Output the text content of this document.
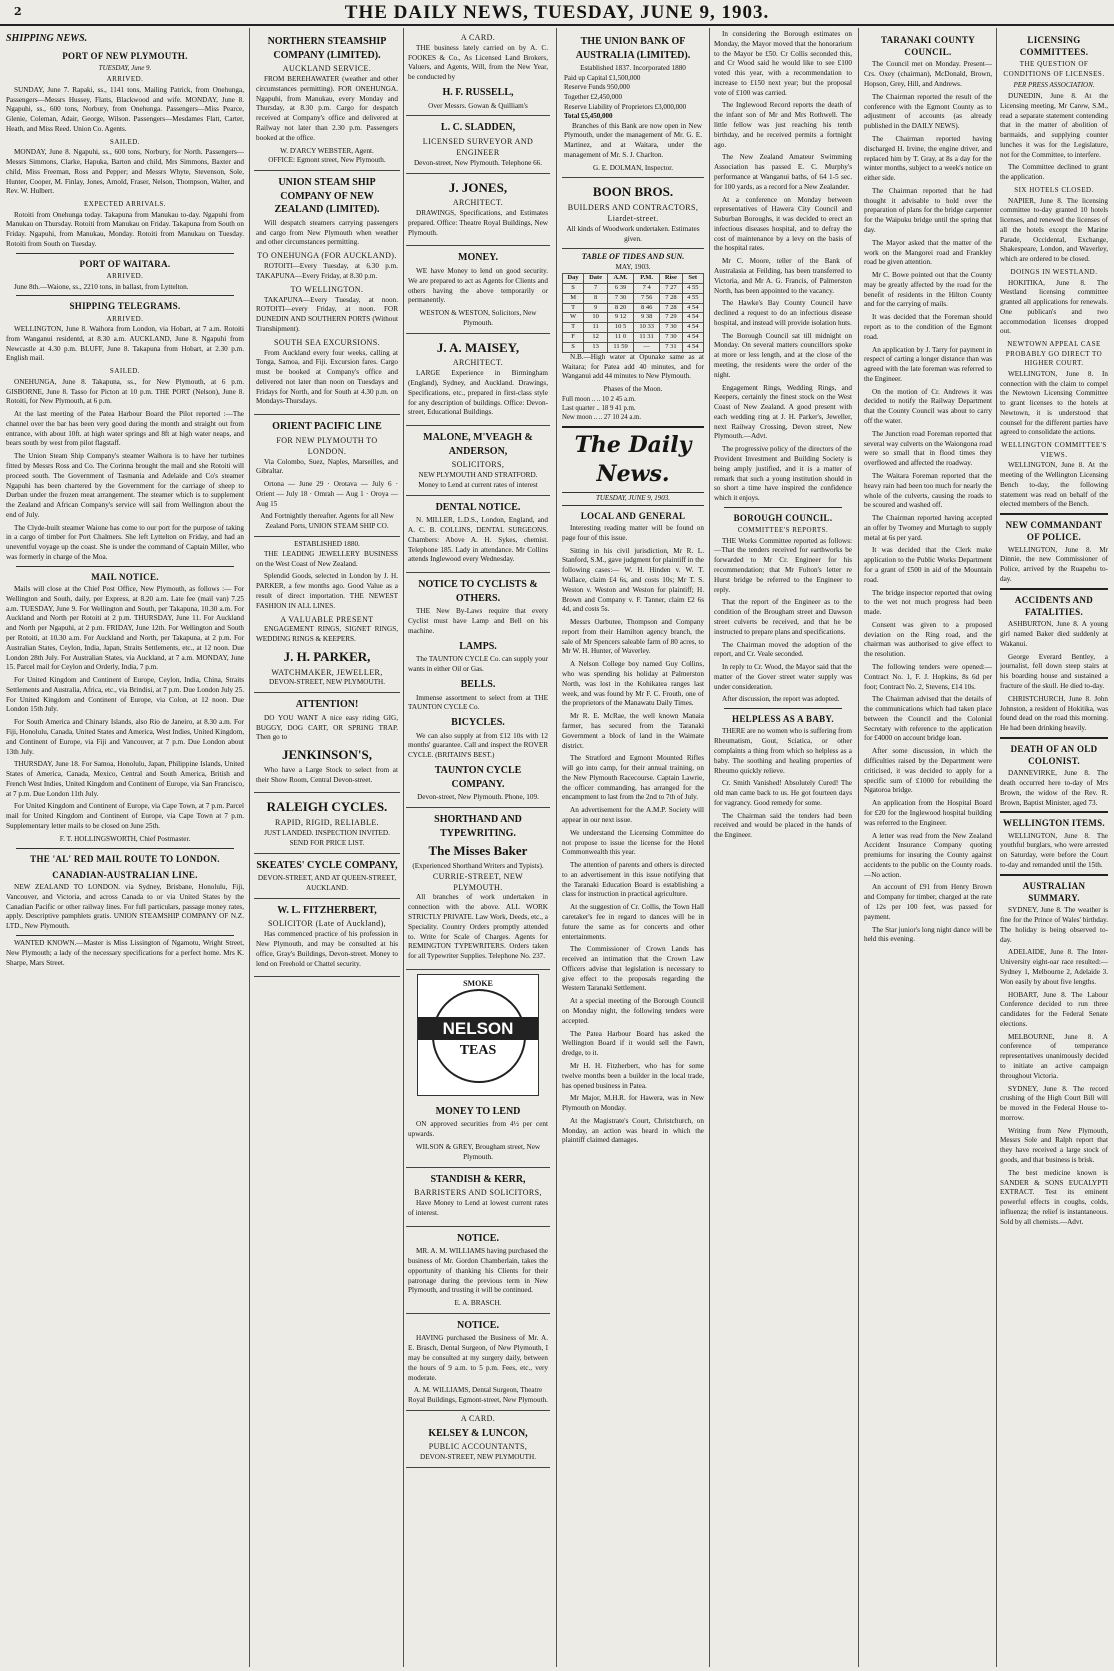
2	THE DAILY NEWS, TUESDAY, JUNE 9, 1903.
SHIPPING NEWS.
PORT OF NEW PLYMOUTH.
TUESDAY, June 9.
ARRIVED.

SUNDAY, June 7. Rapaki, ss., 1141 tons, Mailing Patrick, from Onehunga, Passengers—Messrs Hussey, Flatts, Blackwood and wife. MONDAY, June 8. Ngapuhi, ss., 600 tons, Norbury, from Onehunga. Passengers—Miss Pearce, Glenie, Coleman, Adair, George, Wilson. Passengers—Mesdames Flatt, Carter, Heath, and Miss Reed. Union Co. Agents.

SAILED.

MONDAY, June 8. Ngapuhi, ss., 600 tons, Norbury, for North. Passengers—Messrs Simmons, Clarke, Hapuka, Barton and child, Mrs Simmons, Baxter and child, Miss Freeman, Ross and Pepper; and Messrs Whyte, Stevenson, Sole, Hunter, Cooper, M. Finlay, Jones, Arnold, Fraser, Nelson, Thompson, Walter, and Rev. W. Hulbert.

EXPECTED ARRIVALS.

Rotoiti from Onehunga today. Takapuna from Manukau to-day. Ngapuhi from Manukau on Thursday. Rotoiti from Manukau on Friday. Takapuna from South on Friday. Ngapuhi, from Manukau, Monday. Rotoiti from Manukau on Tuesday. Rotoiti from South on Tuesday.

PORT OF WAITARA.
ARRIVED.

June 8th.—Waione, ss., 2210 tons, in ballast, from Lyttelton.

SHIPPING TELEGRAMS.
ARRIVED.

WELLINGTON, June 8. Waihora from London, via Hobart, at 7 a.m. Rotoiti from Wanganui residentd, at 8.30 a.m. AUCKLAND, June 8. Ngapuhi from Newcastle at 4.30 p.m. BLUFF, June 8. Takapuna from Hobart, at 2.30 p.m. English mail.

SAILED.

ONEHUNGA, June 8. Takapuna, ss., for New Plymouth, at 6 p.m. GISBORNE, June 8. Tasso for Picton at 10 p.m. THE PORT (Nelson), June 8. Rotoiti, for New Plymouth, at 6 p.m.

At the last meeting of the Patea Harbour Board the Pilot reported :—The channel over the bar has been very good during the month and straight out from entrance, with about 10ft. at high water springs and 8ft at high water neaps, and bears south by west from pilot flagstaff.

The Union Steam Ship Company's steamer Waihora is to have her turbines fitted by Messrs Ross and Co. The Corinna brought the mail and she Rotoiti will proceed south. The Government of Tasmania and Adelaide and Co's steamer Ngapuhi has been chartered by the Government for the carriage of sheep to Durban under the frozen meat arrangement. The steamer which is to supplement the Zealand and African Company's service will sail from Wellington about the end of July.

The Clyde-built steamer Waione has come to our port for the purpose of taking in a cargo of timber for Port Chalmers. She left Lyttelton on Friday, and had an uneventful voyage up the coast. She is under the command of Captain Miller, who was formerly in charge of the Moa.

MAIL NOTICE.

Mails will close at the Chief Post Office, New Plymouth, as follows :— For Wellington and South, daily, per Express, at 8.20 a.m. Late fee (mail van) 7.25 a.m. TUESDAY, June 9. For Wellington and South, per Takapuna, 10.30 a.m. For Auckland and North per Rotoiti at 2 p.m. THURSDAY, June 11. For Auckland and North per Ngapuhi, at 2 p.m. FRIDAY, June 12th. For Wellington and South per Rotoiti, at 10.30 a.m. For Auckland and North, per Takapuna, at 2 p.m. For Australian States, Ceylon, India, Japan, Straits Settlements, etc., at 12 noon. Due London 28th July. For Australian States, via Auckland, at 7 a.m. MONDAY, June 15. Parcel mail for Ceylon and Orderly, India, 7 p.m.

For United Kingdom and Continent of Europe, Ceylon, India, China, Straits Settlements and Australia, Africa, etc., via Brindisi, at 7 p.m. Due London July 25. For United Kingdom and Continent of Europe, via Colon, at 12 noon. Due London 15th July.

For South America and Chinary Islands, also Rio de Janeiro, at 8.30 a.m. For Fiji, Honolulu, Canada, United States and America, West Indies, United Kingdom, and Continent of Europe, via Fiji and Vancouver, at 7 p.m. Due London about 13th July.

THURSDAY, June 18. For Samoa, Honolulu, Japan, Philippine Islands, United States of America, Canada, Mexico, Central and South America, British and French West Indies, United Kingdom and Continent of Europe, via San Francisco, at 7 p.m. Due London 11th July.

For United Kingdom and Continent of Europe, via Cape Town, at 7 p.m. Parcel mail for United Kingdom and Continent of Europe, via Cape Town at 7 p.m. Supplementary letter mails to be closed on June 25th.

F. T. HOLLINGSWORTH, Chief Postmaster.
THE 'AL' RED MAIL ROUTE TO LONDON.
CANADIAN-AUSTRALIAN LINE.

NEW ZEALAND TO LONDON. via Sydney, Brisbane, Honolulu, Fiji, Vancouver, and Victoria, and across Canada to or via United States by the Canadian Pacific or other railway lines. For full particulars, passage money rates, apply. Descriptive pamphlets gratis. UNION STEAMSHIP COMPANY OF N.Z. LTD., New Plymouth.

WANTED KNOWN.—Master is Miss Lissington of Ngamotu, Wright Street, New Plymouth; a lady of the necessary specifications for a perfect home. Mrs K. Sharpe, Mars Street.

NORTHERN STEAMSHIP COMPANY (LIMITED).
AUCKLAND SERVICE.

FROM BEREHAWATER (weather and other circumstances permitting). FOR ONEHUNGA. Ngapuhi, from Manukau, every Monday and Thursday, at 8.30 p.m. Cargo for despatch received at Company's office and delivered at Railway not later than 2.30 p.m. Passengers booked at the office.

W. D'ARCY WEBSTER, Agent.
OFFICE: Egmont street, New Plymouth.
UNION STEAM SHIP COMPANY OF NEW ZEALAND (LIMITED).

Will despatch steamers carrying passengers and cargo from New Plymouth when weather and other circumstances permitting.

TO ONEHUNGA (FOR AUCKLAND).

ROTOITI—Every Tuesday, at 6.30 p.m. TAKAPUNA—Every Friday, at 8.30 p.m.

TO WELLINGTON.

TAKAPUNA—Every Tuesday, at noon. ROTOITI—every Friday, at noon. FOR DUNEDIN AND SOUTHERN PORTS (Without Transhipment).

SOUTH SEA EXCURSIONS.

From Auckland every four weeks, calling at Tonga, Samoa, and Fiji. Excursion fares. Cargo must be booked at Company's office and delivered not later than noon on Tuesdays and Fridays for North, and for South at 4.30 p.m. on Mondays-Thursdays.

ORIENT PACIFIC LINE
FOR NEW PLYMOUTH TO LONDON.

Via Colombo, Suez, Naples, Marseilles, and Gibraltar.

Ortona — June 29 · Orotava — July 6 · Orient — July 18 · Omrah — Aug 1 · Oroya — Aug 15

And Fortnightly thereafter. Agents for all New Zealand Ports, UNION STEAM SHIP CO.
ESTABLISHED 1880.

THE LEADING JEWELLERY BUSINESS on the West Coast of New Zealand.

Splendid Goods, selected in London by J. H. PARKER, a few months ago. Good Value as a result of direct importation. THE NEWEST FASHION IN ALL LINES.

A VALUABLE PRESENT

ENGAGEMENT RINGS, SIGNET RINGS, WEDDING RINGS & KEEPERS.

J. H. PARKER,
WATCHMAKER, JEWELLER,
DEVON-STREET, NEW PLYMOUTH.
ATTENTION!

DO YOU WANT A nice easy riding GIG, BUGGY, DOG CART, OR SPRING TRAP. Then go to

JENKINSON'S,

Who have a Large Stock to select from at their Show Room, Central Devon-street.

RALEIGH CYCLES.
RAPID, RIGID, RELIABLE.
JUST LANDED. INSPECTION INVITED. SEND FOR PRICE LIST.
SKEATES' CYCLE COMPANY,
DEVON-STREET, AND AT QUEEN-STREET, AUCKLAND.
W. L. FITZHERBERT,
SOLICITOR (Late of Auckland),

Has commenced practice of his profession in New Plymouth, and may be consulted at his office, Gray's Buildings, Devon-street. Money to lend on Freehold or Chattel security.

A CARD.

THE business lately carried on by A. C. FOOKES & Co., As Licensed Land Brokers, Valuers, and Agents, Will, from the New Year, be conducted by

H. F. RUSSELL,
Over Messrs. Gowan & Quilliam's
L. C. SLADDEN,
LICENSED SURVEYOR AND ENGINEER
Devon-street, New Plymouth. Telephone 66.
J. JONES,
ARCHITECT.

DRAWINGS, Specifications, and Estimates prepared. Office: Theatre Royal Buildings, New Plymouth.

MONEY.

WE have Money to lend on good security. We are prepared to act as Agents for Clients and others having the above temporarily or permanently.

WESTON & WESTON, Solicitors, New Plymouth.
J. A. MAISEY,
ARCHITECT.

LARGE Experience in Birmingham (England), Sydney, and Auckland. Drawings, Specifications, etc., prepared in first-class style for any description of buildings. Office: Devon-street, Educational Buildings.

MALONE, M'VEAGH & ANDERSON,
SOLICITORS,
NEW PLYMOUTH AND STRATFORD.
Money to Lend at current rates of interest
DENTAL NOTICE.

N. MILLER, L.D.S., London, England, and A. C. B. COLLINS, DENTAL SURGEONS. Chambers: Above A. H. Sykes, chemist. Telephone 185. Lady in attendance. Mr Collins attends Inglewood every Wednesday.

NOTICE TO CYCLISTS & OTHERS.

THE New By-Laws require that every Cyclist must have Lamp and Bell on his machine.

LAMPS.

The TAUNTON CYCLE Co. can supply your wants in either Oil or Gas.

BELLS.

Immense assortment to select from at THE TAUNTON CYCLE Co.

BICYCLES.

We can also supply at from £12 10s with 12 months' guarantee. Call and inspect the ROVER CYCLE. (BRITAIN'S BEST.)

TAUNTON CYCLE COMPANY.
Devon-street, New Plymouth. Phone, 109.
SHORTHAND AND TYPEWRITING.
The Misses Baker
(Experienced Shorthand Writers and Typists).
CURRIE-STREET, NEW PLYMOUTH.

All branches of work undertaken in connection with the above. ALL WORK STRICTLY PRIVATE. Law Work, Deeds, etc., a Speciality. Country Orders promptly attended to. Write for Scale of Charges. Agents for REMINGTON TYPEWRITERS. Orders taken for all Typewriter Supplies. Telephone No. 237.

SMOKE
NELSON
TEAS
MONEY TO LEND

ON approved securities from 4½ per cent upwards.

WILSON & GREY, Brougham street, New Plymouth.
STANDISH & KERR,
BARRISTERS AND SOLICITORS,

Have Money to Lend at lowest current rates of interest.

NOTICE.

MR. A. M. WILLIAMS having purchased the business of Mr. Gordon Chamberlain, takes the opportunity of thanking his Clients for their patronage during the previous term in New Plymouth, and trusting it will be continued.

E. A. BRASCH.
NOTICE.

HAVING purchased the Business of Mr. A. E. Brasch, Dental Surgeon, of New Plymouth, I may be consulted at my surgery daily, between the hours of 9 a.m. to 5 p.m. Fees, etc., very moderate.

A. M. WILLIAMS, Dental Surgeon, Theatre Royal Buildings, Egmont-street, New Plymouth.
A CARD.
KELSEY & LUNCON,
PUBLIC ACCOUNTANTS,
DEVON-STREET, NEW PLYMOUTH.
THE UNION BANK OF AUSTRALIA (LIMITED).
Established 1837. Incorporated 1880
Paid up Capital £1,500,000
Reserve Funds 950,000
Together £2,450,000
Reserve Liability of Proprietors £3,000,000
Total £5,450,000

Branches of this Bank are now open in New Plymouth, under the management of Mr. G. E. Martinez, and at Waitara, under the management of Mr. S. J. Charlton.

G. E. DOLMAN, Inspector.
BOON BROS.
BUILDERS AND CONTRACTORS, Liardet-street.
All kinds of Woodwork undertaken. Estimates given.
TABLE OF TIDES AND SUN.
MAY, 1903.
Day	Date	A.M.	P.M.	Rise	Set
S	7	6 39	7 4	7 27	4 55
M	8	7 30	7 56	7 28	4 55
T	9	8 20	8 46	7 28	4 54
W	10	9 12	9 38	7 29	4 54
T	11	10 5	10 33	7 30	4 54
F	12	11 0	11 31	7 30	4 54
S	13	11 59	—	7 31	4 54

N.B.—High water at Opunake same as at Waitara; for Patea add 40 minutes, and for Wanganui add 44 minutes to New Plymouth.

Phases of the Moon.
Full moon .. .. 10 2 45 a.m.
Last quarter .. 18 9 41 p.m.
New moon .. .. 27 10 24 a.m.
The Daily News.
TUESDAY, JUNE 9, 1903.
LOCAL AND GENERAL

Interesting reading matter will be found on page four of this issue.

Sitting in his civil jurisdiction, Mr R. L. Stanford, S.M., gave judgment for plaintiff in the following cases:— W. H. Hinden v. W. T. Wallace, claim £4 6s, and costs 10s; Mr T. S. Weston v. Weston and Weston for plaintiff; H. Brown and Company v. F. Tanner, claim £2 6s 4d, and costs 5s.

Messrs Oarbutee, Thompson and Company report from their Hamilton agency branch, the sale of Mr Spencers saleable farm of 80 acres, to Mr W. H. Hunter, of Waverley.

A Nelson College boy named Guy Collins, who was spending his holiday at Palmerston North, was lost in the Kohikatea ranges last week, and was found by Mr F. C. Frouth, one of the proprietors of the Manawatu Daily Times.

Mr R. E. McRae, the well known Manaia farmer, has secured from the Taranaki Government a block of land in the Waimate district.

The Stratford and Egmont Mounted Rifles will go into camp, for their annual training, on the New Plymouth Racecourse. Captain Lawrie, the officer commanding, has arranged for the encampment to last from the 2nd to 7th of July.

An advertisement for the A.M.P. Society will appear in our next issue.

We understand the Licensing Committee do not propose to issue the license for the Hotel Commonwealth this year.

The attention of parents and others is directed to an advertisement in this issue notifying that the Taranaki Education Board is establishing a class for instruction in practical agriculture.

At the suggestion of Cr. Collis, the Town Hall caretaker's fee in regard to dances will be in future the same as for concerts and other entertainments.

The Commissioner of Crown Lands has received an intimation that the Crown Law Officers advise that legislation is necessary to give effect to the proposals regarding the Western Taranaki Settlement.

At a special meeting of the Borough Council on Monday night, the following tenders were accepted.

The Patea Harbour Board has asked the Wellington Board if it would sell the Fawn, dredge, to it.

Mr H. H. Fitzherbert, who has for some twelve months been a builder in the local trade, has opened business in Patea.

Mr Major, M.H.R. for Hawera, was in New Plymouth on Monday.

At the Magistrate's Court, Christchurch, on Monday, an action was heard in which the plaintiff claimed damages.

In considering the Borough estimates on Monday, the Mayor moved that the honorarium to the Mayor be £50. Cr Collis seconded this, and Cr Wood said he would like to see £100 voted this year, with a recommendation to increase to £150 next year; but the proposal vote of £100 was carried.

The Inglewood Record reports the death of the infant son of Mr and Mrs Rothwell. The little fellow was just reaching his tenth birthday, and he received permits a fortnight ago.

The New Zealand Amateur Swimming Association has passed E. C. Murphy's performance at Wanganui baths, of 64 1-5 sec. for 100 yards, as a record for a New Zealander.

At a conference on Monday between representatives of Hawera City Council and Suburban Boroughs, it was decided to erect an infectious diseases hospital, and to defray the cost of maintenance by a levy on the basis of the hospital rates.

Mr C. Moore, teller of the Bank of Australasia at Feilding, has been transferred to Victoria, and Mr A. G. Francis, of Palmerston North, has been appointed to the vacancy.

The Hawke's Bay County Council have declined a request to do an infectious disease hospital, and instead will provide isolation huts.

The Borough Council sat till midnight on Monday. On several matters councillors spoke at more or less length, and at the close of the meeting, the residents were the order of the night.

Engagement Rings, Wedding Rings, and Keepers, certainly the finest stock on the West Coast of New Zealand. A good present with each wedding ring at J. H. Parker's, Jeweller, next Railway Crossing, Devon street, New Plymouth.—Advt.

The progressive policy of the directors of the Provident Investment and Building Society is being amply justified, and it is a matter of remark that such a young institution should in so short a time have inspired the confidence which it enjoys.

BOROUGH COUNCIL.
COMMITTEE'S REPORTS.

THE Works Committee reported as follows:—That the tenders received for earthworks be forwarded to Mr Cr. Engineer for his recommendation; that Mr Fulton's letter re Hurst bridge be referred to the Engineer to reply.

That the report of the Engineer as to the condition of the Brougham street and Dawson street culverts be received, and that he be instructed to prepare plans and specifications.

The Chairman moved the adoption of the report, and Cr. Veale seconded.

In reply to Cr. Wood, the Mayor said that the matter of the Gover street water supply was under consideration.

After discussion, the report was adopted.

HELPLESS AS A BABY.

THERE are no women who is suffering from Rheumatism, Gout, Sciatica, or other complaints a thing from which so helpless as a baby. The soothing and healing properties of Rheumo quickly relieve.

Cr. Smith Vanished! Absolutely Cured! The old man came back to us. He got fourteen days for vagrancy. Good remedy for some.

The Chairman said the tenders had been received and would be placed in the hands of the Engineer.

TARANAKI COUNTY COUNCIL.

The Council met on Monday. Present—Crs. Oxey (chairman), McDonald, Brown, Hopson, Grey, Hill, and Andrews.

The Chairman reported the result of the conference with the Egmont County as to adjustment of accounts (as already published in the DAILY NEWS).

The Chairman reported having discharged H. Irvine, the engine driver, and replaced him by T. Gray, at 8s a day for the winter months, subject to a week's notice on either side.

The Chairman reported that he had thought it advisable to hold over the preparation of plans for the bridge carpenter for the Waipuku bridge until the spring that day.

The Mayor asked that the matter of the work on the Mangorei road and Frankley road be given attention.

Mr C. Bowe pointed out that the County may be greatly affected by the road for the benefit of residents in the Hilton County and for the carrying of mails.

It was decided that the Foreman should report as to the condition of the Egmont road.

An application by J. Tarry for payment in respect of carting a longer distance than was agreed with the late foreman was referred to the Engineer.

On the motion of Cr. Andrews it was decided to notify the Railway Department that the County Council was about to carry off the water.

The Junction road Foreman reported that several way culverts on the Waiongona road were so small that in flood times they overflowed and affected the roadway.

The Waitara Foreman reported that the heavy rain had been too much for nearly the whole of the culverts, causing the roads to be scoured and washed off.

The Chairman reported having accepted an offer by Twomey and Murtagh to supply metal at 6s per yard.

It was decided that the Clerk make application to the Public Works Department for a grant of £500 in aid of the Mountain road.

The bridge inspector reported that owing to the wet not much progress had been made.

Consent was given to a proposed deviation on the Ring road, and the chairman was authorised to give effect to the resolution.

The following tenders were opened:— Contract No. 1, F. J. Hopkins, 8s 6d per foot; Contract No. 2, Stevens, £14 10s.

The Chairman advised that the details of the communications which had taken place between the Council and the Colonial Secretary with reference to the application for £4000 on account bridge loan.

After some discussion, in which the difficulties raised by the Department were criticised, it was decided to apply for a specific sum of £1000 for rebuilding the Ngatoroa bridge.

An application from the Hospital Board for £20 for the Inglewood hospital building was referred to the Engineer.

A letter was read from the New Zealand Accident Insurance Company quoting premiums for insuring the County against accidents to the public on the County roads.—No action.

An account of £91 from Henry Brown and Company for timber, charged at the rate of 12s per 100 feet, was passed for payment.

The Star junior's long night dance will be held this evening.

LICENSING COMMITTEES.
THE QUESTION OF CONDITIONS OF LICENSES.
PER PRESS ASSOCIATION.

DUNEDIN, June 8. At the Licensing meeting, Mr Carew, S.M., read a separate statement contending that in the matter of abolition of barmaids, and supplying counter lunches it was for the Legislature, not for the Committee, to interfere.

The Committee declined to grant the application.

SIX HOTELS CLOSED.

NAPIER, June 8. The licensing committee to-day granted 10 hotels licenses, and renewed the licenses of all the hotels except the Marine Parade, Occidental, Exchange, Shakespeare, London, and Waverley, which are ordered to be closed.

DOINGS IN WESTLAND.

HOKITIKA, June 8. The Westland licensing committee granted all applications for renewals. One publican's and two accommodation licenses dropped out.

NEWTOWN APPEAL CASE PROBABLY GO DIRECT TO HIGHER COURT.

WELLINGTON, June 8. In connection with the claim to compel the Newtown Licensing Committee to grant licenses to the hotels at Newtown, it is understood that counsel for the different parties have agreed to consolidate the actions.

WELLINGTON COMMITTEE'S VIEWS.

WELLINGTON, June 8. At the meeting of the Wellington Licensing Bench to-day, the following statement was read on behalf of the elected members of the Bench.

NEW COMMANDANT OF POLICE.

WELLINGTON, June 8. Mr Dinnie, the new Commissioner of Police, arrived by the Ruapehu to-day.

ACCIDENTS AND FATALITIES.

ASHBURTON, June 8. A young girl named Baker died suddenly at Wakanui.

George Everard Bentley, a journalist, fell down steep stairs at his boarding house and sustained a fracture of the skull. He died to-day.

CHRISTCHURCH, June 8. John Johnston, a resident of Hokitika, was found dead on the road this morning. He had been drinking heavily.

DEATH OF AN OLD COLONIST.

DANNEVIRKE, June 8. The death occurred here to-day of Mrs Brown, the widow of the Rev. R. Brown, Baptist Minister, aged 73.

WELLINGTON ITEMS.

WELLINGTON, June 8. The youthful burglars, who were arrested on Saturday, were before the Court to-day and remanded until the 15th.

AUSTRALIAN SUMMARY.

SYDNEY, June 8. The weather is fine for the Prince of Wales' birthday. The holiday is being observed to-day.

ADELAIDE, June 8. The Inter-University eight-oar race resulted:—Sydney 1, Melbourne 2, Adelaide 3. Won easily by about five lengths.

HOBART, June 8. The Labour Conference decided to run three candidates for the Federal Senate elections.

MELBOURNE, June 8. A conference of temperance representatives unanimously decided to initiate an active campaign throughout Victoria.

SYDNEY, June 8. The record crushing of the High Court Bill will be moved in the Federal House to-morrow.

Writing from New Plymouth, Messrs Sole and Ralph report that they have received a large stock of goods, and that business is brisk.

The best medicine known is SANDER & SONS EUCALYPTI EXTRACT. Test its eminent powerful effects in coughs, colds, influenza; the relief is instantaneous. Sold by all chemists.—Advt.
